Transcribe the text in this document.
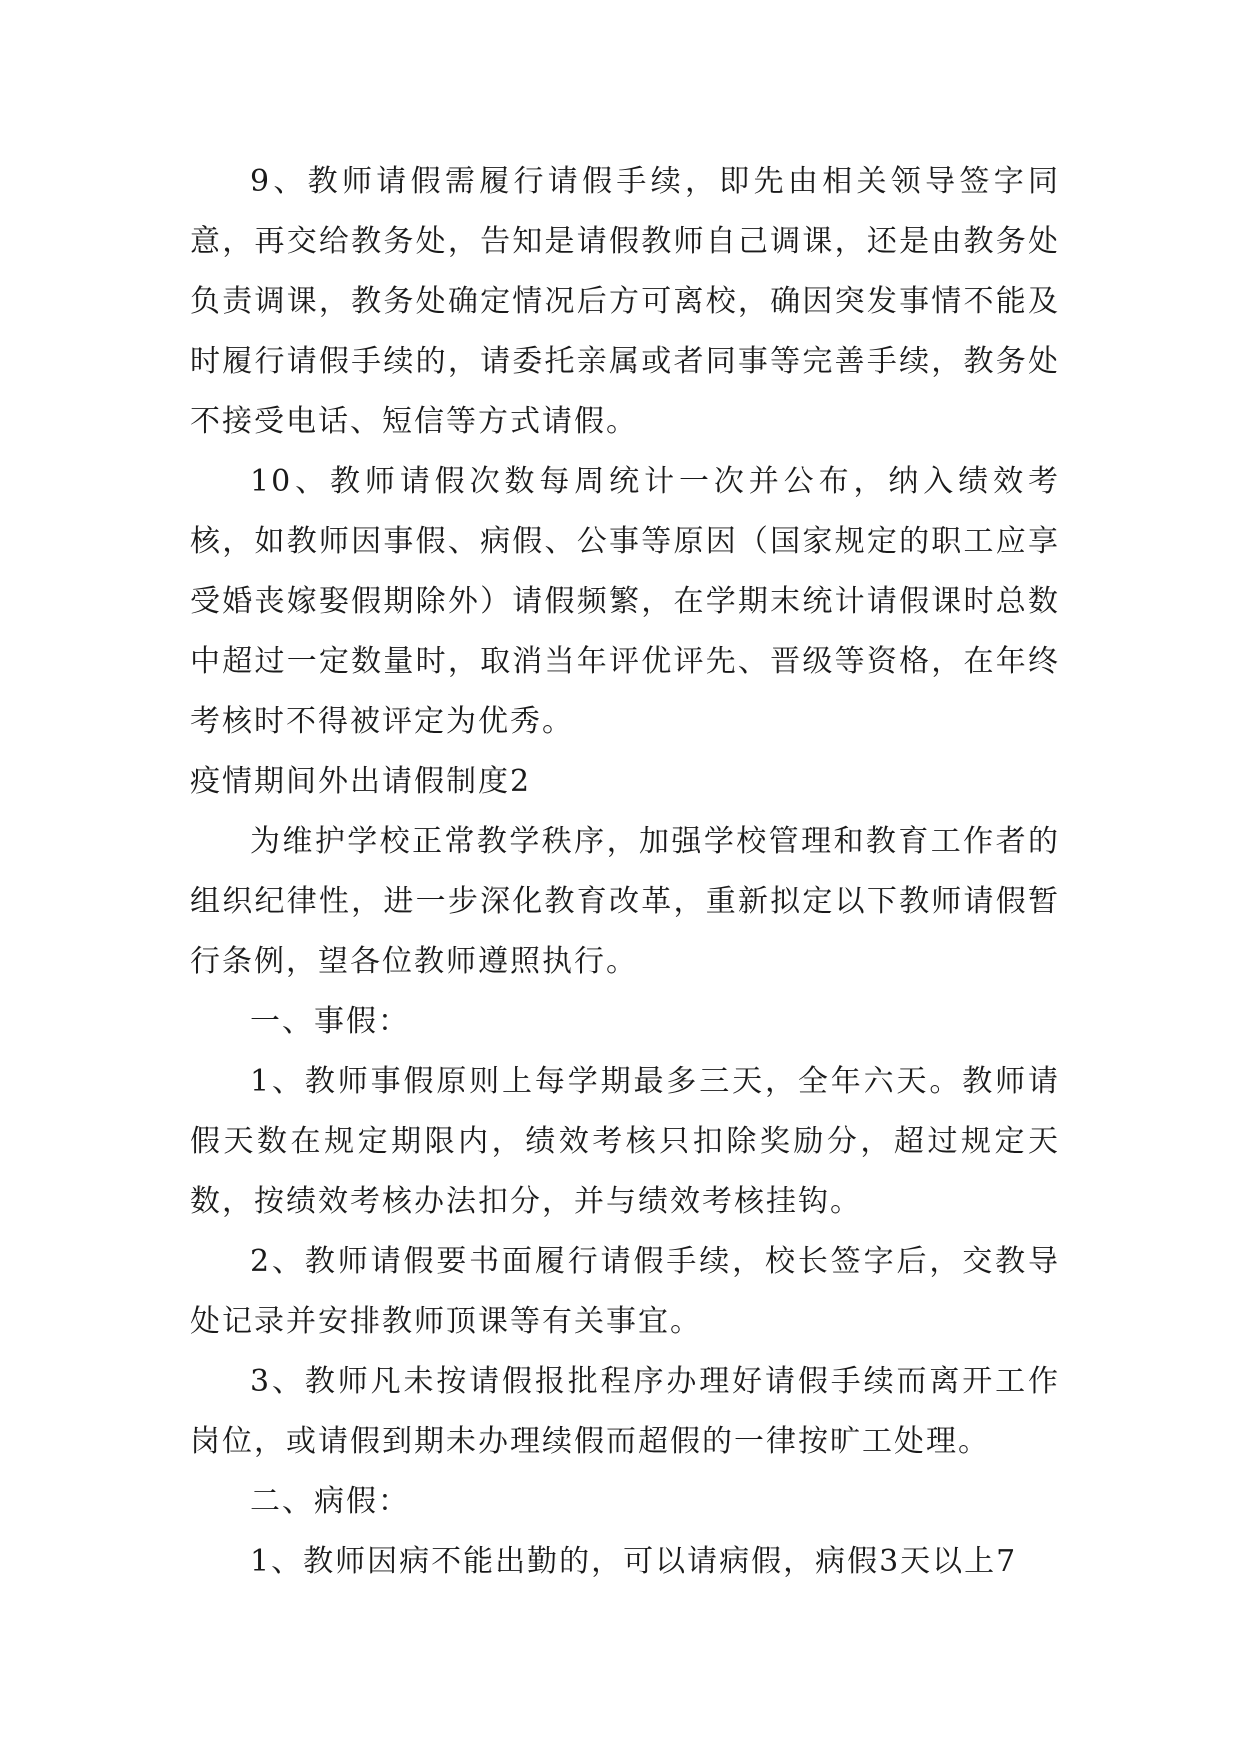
9、教师请假需履行请假手续，即先由相关领导签字同意，再交给教务处，告知是请假教师自己调课，还是由教务处负责调课，教务处确定情况后方可离校，确因突发事情不能及时履行请假手续的，请委托亲属或者同事等完善手续，教务处不接受电话、短信等方式请假。

10、教师请假次数每周统计一次并公布，纳入绩效考核，如教师因事假、病假、公事等原因（国家规定的职工应享受婚丧嫁娶假期除外）请假频繁，在学期末统计请假课时总数中超过一定数量时，取消当年评优评先、晋级等资格，在年终考核时不得被评定为优秀。

疫情期间外出请假制度2

为维护学校正常教学秩序，加强学校管理和教育工作者的组织纪律性，进一步深化教育改革，重新拟定以下教师请假暂行条例，望各位教师遵照执行。

一、事假：

1、教师事假原则上每学期最多三天，全年六天。教师请假天数在规定期限内，绩效考核只扣除奖励分，超过规定天数，按绩效考核办法扣分，并与绩效考核挂钩。

2、教师请假要书面履行请假手续，校长签字后，交教导处记录并安排教师顶课等有关事宜。

3、教师凡未按请假报批程序办理好请假手续而离开工作岗位，或请假到期未办理续假而超假的一律按旷工处理。

二、病假：

1、教师因病不能出勤的，可以请病假，病假3天以上7
